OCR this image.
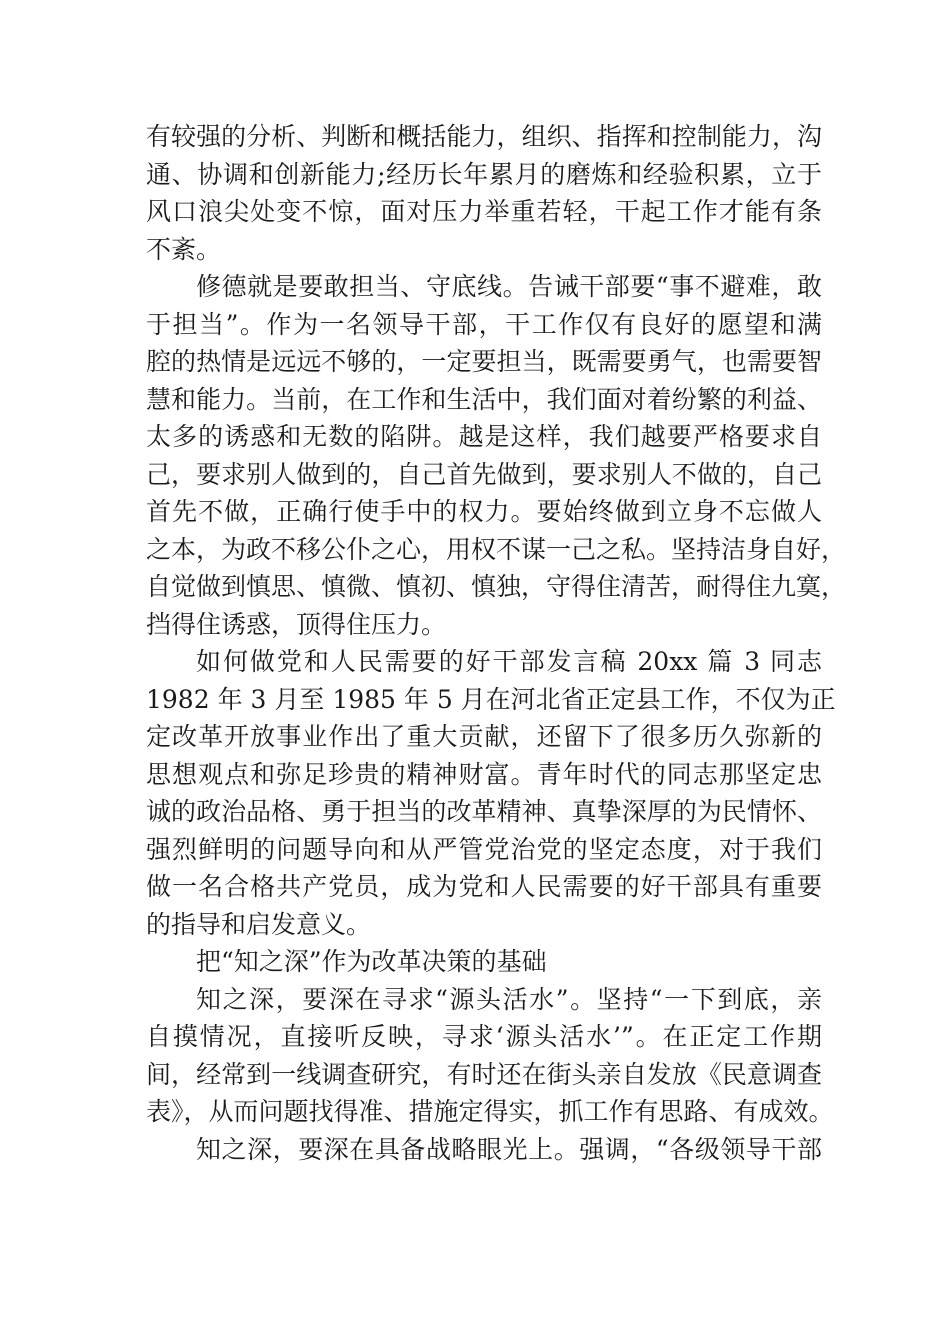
有较强的分析、判断和概括能力，组织、指挥和控制能力，沟
通、协调和创新能力;经历长年累月的磨炼和经验积累，立于
风口浪尖处变不惊，面对压力举重若轻，干起工作才能有条
不紊。
修德就是要敢担当、守底线。告诫干部要“事不避难，敢
于担当”。作为一名领导干部，干工作仅有良好的愿望和满
腔的热情是远远不够的，一定要担当，既需要勇气，也需要智
慧和能力。当前，在工作和生活中，我们面对着纷繁的利益、
太多的诱惑和无数的陷阱。越是这样，我们越要严格要求自
己，要求别人做到的，自己首先做到，要求别人不做的，自己
首先不做，正确行使手中的权力。要始终做到立身不忘做人
之本，为政不移公仆之心，用权不谋一己之私。坚持洁身自好，
自觉做到慎思、慎微、慎初、慎独，守得住清苦，耐得住九寞，
挡得住诱惑，顶得住压力。
如何做党和人民需要的好干部发言稿 20xx 篇 3 同志
1982 年 3 月至 1985 年 5 月在河北省正定县工作，不仅为正
定改革开放事业作出了重大贡献，还留下了很多历久弥新的
思想观点和弥足珍贵的精神财富。青年时代的同志那坚定忠
诚的政治品格、勇于担当的改革精神、真挚深厚的为民情怀、
强烈鲜明的问题导向和从严管党治党的坚定态度，对于我们
做一名合格共产党员，成为党和人民需要的好干部具有重要
的指导和启发意义。
把“知之深”作为改革决策的基础
知之深，要深在寻求“源头活水”。坚持“一下到底，亲
自摸情况，直接听反映，寻求‘源头活水’”。在正定工作期
间，经常到一线调查研究，有时还在街头亲自发放《民意调查
表》，从而问题找得准、措施定得实，抓工作有思路、有成效。
知之深，要深在具备战略眼光上。强调，“各级领导干部
